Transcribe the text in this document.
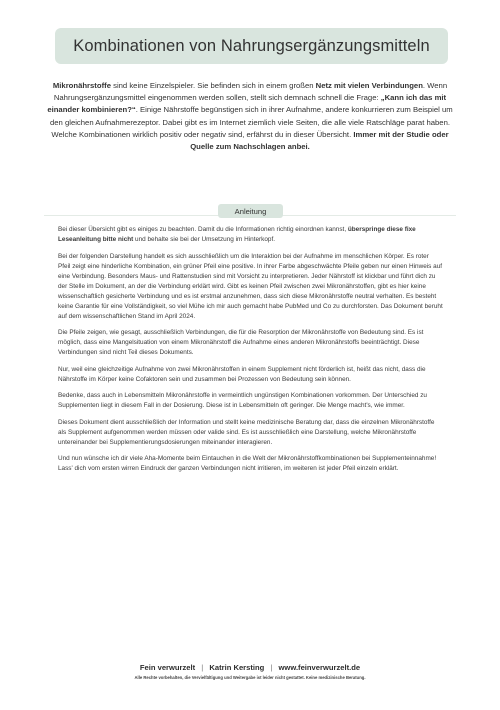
Kombinationen von Nahrungsergänzungsmitteln
Mikronährstoffe sind keine Einzelspieler. Sie befinden sich in einem großen Netz mit vielen Verbindungen. Wenn Nahrungsergänzungsmittel eingenommen werden sollen, stellt sich demnach schnell die Frage: „Kann ich das mit einander kombinieren?“. Einige Nährstoffe begünstigen sich in ihrer Aufnahme, andere konkurrieren zum Beispiel um den gleichen Aufnahmerezeptor. Dabei gibt es im Internet ziemlich viele Seiten, die alle viele Ratschläge parat haben. Welche Kombinationen wirklich positiv oder negativ sind, erfährst du in dieser Übersicht. Immer mit der Studie oder Quelle zum Nachschlagen anbei.
Anleitung

Bei dieser Übersicht gibt es einiges zu beachten. Damit du die Informationen richtig einordnen kannst, überspringe diese fixe Leseanleitung bitte nicht und behalte sie bei der Umsetzung im Hinterkopf.

Bei der folgenden Darstellung handelt es sich ausschließlich um die Interaktion bei der Aufnahme im menschlichen Körper. Es roter Pfeil zeigt eine hinderliche Kombination, ein grüner Pfeil eine positive. In ihrer Farbe abgeschwächte Pfeile geben nur einen Hinweis auf eine Verbindung. Besonders Maus- und Rattenstudien sind mit Vorsicht zu interpretieren. Jeder Nährstoff ist klickbar und führt dich zu der Stelle im Dokument, an der die Verbindung erklärt wird. Gibt es keinen Pfeil zwischen zwei Mikronährstoffen, gibt es hier keine wissenschaftlich gesicherte Verbindung und es ist erstmal anzunehmen, dass sich diese Mikronährstoffe neutral verhalten. Es besteht keine Garantie für eine Vollständigkeit, so viel Mühe ich mir auch gemacht habe PubMed und Co zu durchforsten. Das Dokument beruht auf dem wissenschaftlichen Stand im April 2024.

Die Pfeile zeigen, wie gesagt, ausschließlich Verbindungen, die für die Resorption der Mikronährstoffe von Bedeutung sind. Es ist möglich, dass eine Mangelsituation von einem Mikronährstoff die Aufnahme eines anderen Mikronährstoffs beeinträchtigt. Diese Verbindungen sind nicht Teil dieses Dokuments.

Nur, weil eine gleichzeitige Aufnahme von zwei Mikronährstoffen in einem Supplement nicht förderlich ist, heißt das nicht, dass die Nährstoffe im Körper keine Cofaktoren sein und zusammen bei Prozessen von Bedeutung sein können.

Bedenke, dass auch in Lebensmitteln Mikronährstoffe in vermeintlich ungünstigen Kombinationen vorkommen. Der Unterschied zu Supplementen liegt in diesem Fall in der Dosierung. Diese ist in Lebensmitteln oft geringer. Die Menge macht's, wie immer.

Dieses Dokument dient ausschließlich der Information und stellt keine medizinische Beratung dar, dass die einzelnen Mikronährstoffe als Supplement aufgenommen werden müssen oder valide sind. Es ist ausschließlich eine Darstellung, welche Mikronährstoffe untereinander bei Supplementierungsdosierungen miteinander interagieren.

Und nun wünsche ich dir viele Aha-Momente beim Eintauchen in die Welt der Mikronährstoffkombinationen bei Supplementeinnahme! Lass' dich vom ersten wirren Eindruck der ganzen Verbindungen nicht irritieren, im weiteren ist jeder Pfeil einzeln erklärt.

Fein verwurzelt | Katrin Kersting | www.feinverwurzelt.de
Alle Rechte vorbehalten, die Vervielfältigung und Weitergabe ist leider nicht gestattet. Keine medizinische Beratung.
